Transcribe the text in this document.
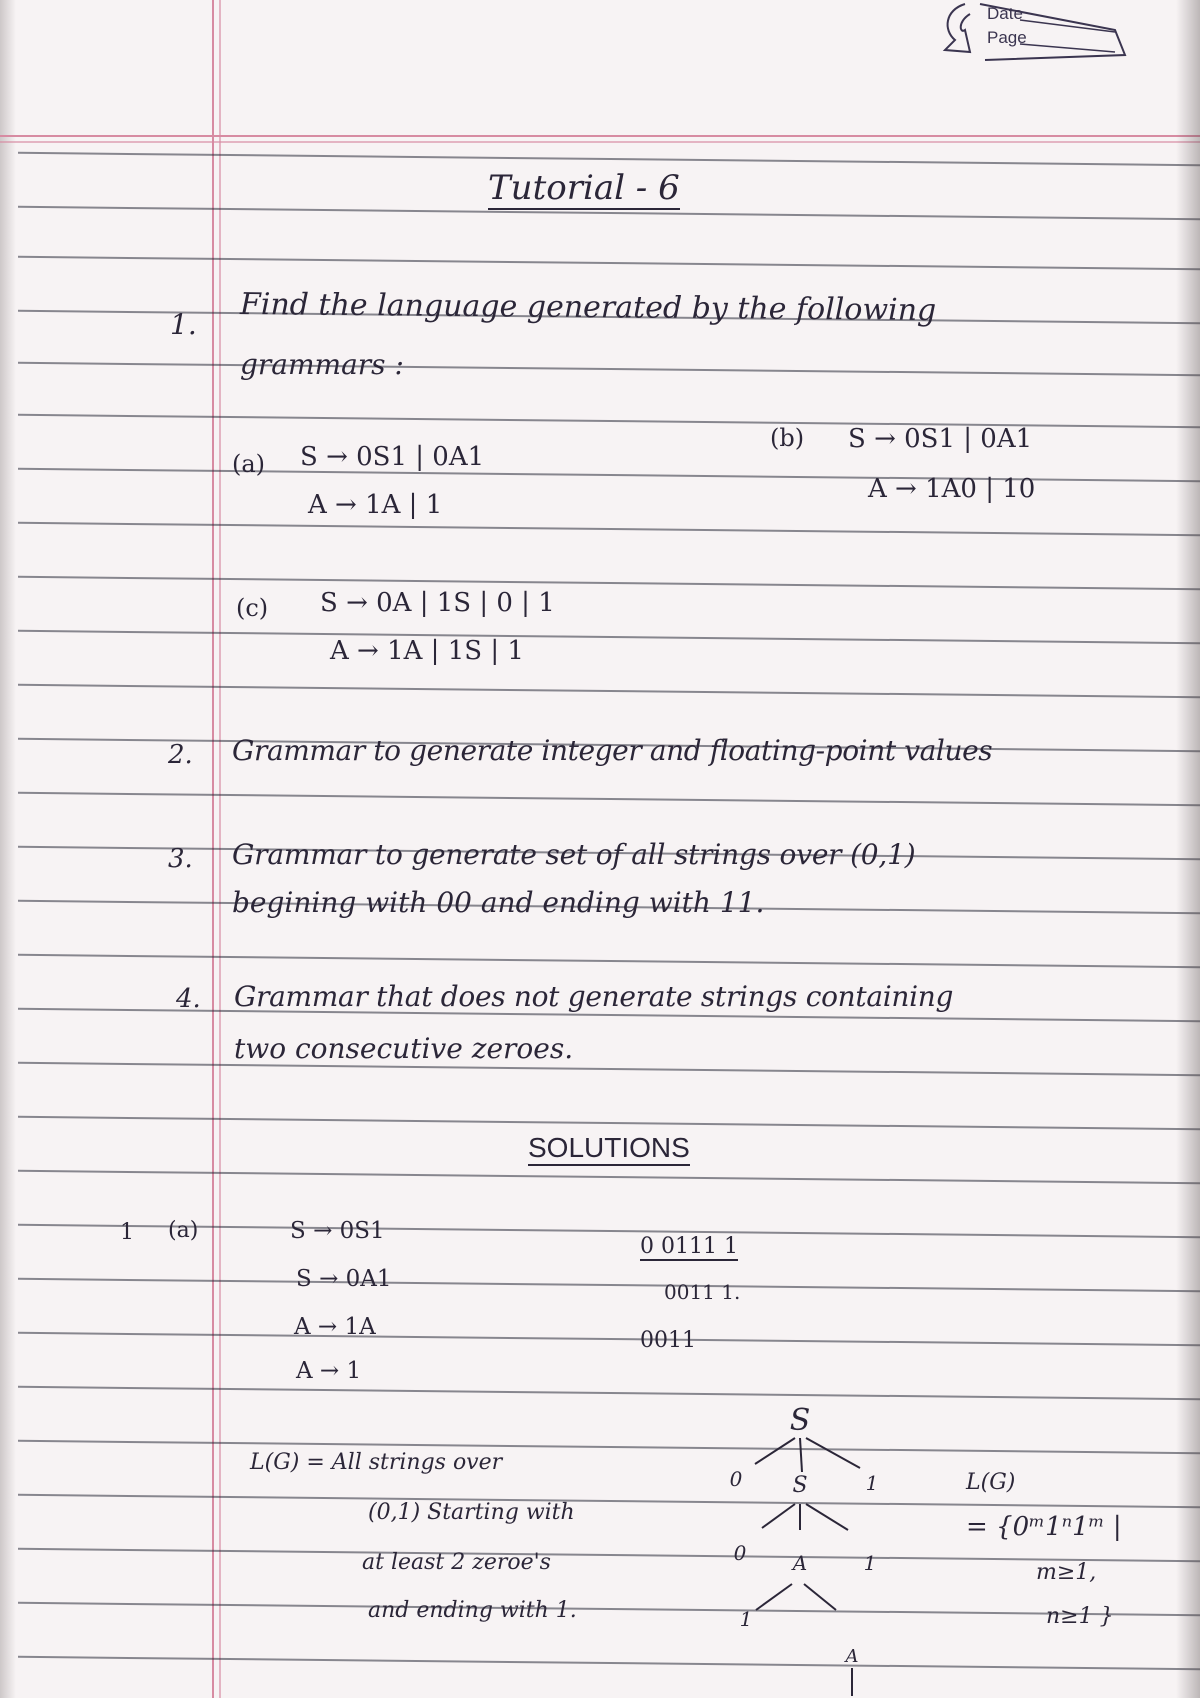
Date
Page
Tutorial - 6
1. Find the language generated by the following
grammars :
(a) S → 0S1 | 0A1
A → 1A | 1
(b) S → 0S1 | 0A1
A → 1A0 | 10
(c) S → 0A | 1S | 0 | 1
A → 1A | 1S | 1
2. Grammar to generate integer and floating-point values
3. Grammar to generate set of all strings over (0,1)
begining with 00 and ending with 11.
4. Grammar that does not generate strings containing
two consecutive zeroes.
SOLUTIONS
1 (a)	S → 0S1
S → 0A1
A → 1A
A → 1
0 0111 1
0011 1.
0011
L(G) = All strings over
(0,1) Starting with
at least 2 zeroe's
and ending with 1.
S
0 S	1
0 A	1
1
A
L(G)
= {0ᵐ1ⁿ1ᵐ |
m≥1,
n≥1 }
